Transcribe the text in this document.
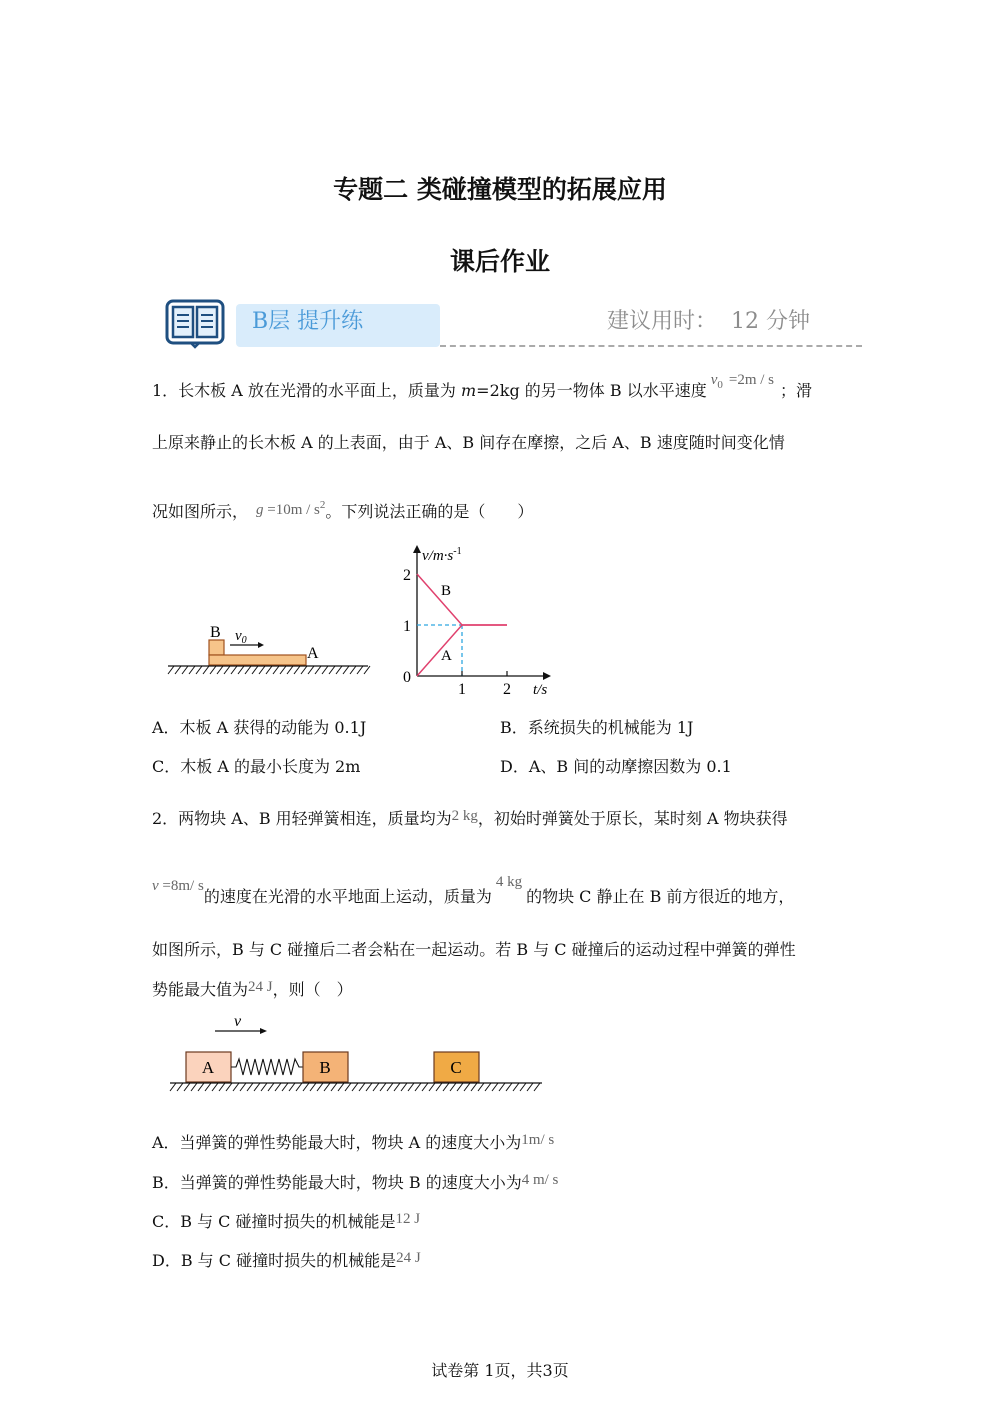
专题二 类碰撞模型的拓展应用
课后作业
B层 提升练	建议用时： 12 分钟
1．长木板 A 放在光滑的水平面上，质量为 m=2kg 的另一物体 B 以水平速度$v_0 =2m / s$；滑
上原来静止的长木板 A 的上表面，由于 A、B 间存在摩擦，之后 A、B 速度随时间变化情
况如图所示， $g =10m / s^2$。下列说法正确的是（　　）
B $v_0$
A
$v/m\cdot s^{-1}$
t/s
0
1
2
1 2
B
A
A．木板 A 获得的动能为 0.1J	B．系统损失的机械能为 1J
C．木板 A 的最小长度为 2m	D．A、B 间的动摩擦因数为 0.1
2．两物块 A、B 用轻弹簧相连，质量均为2 kg，初始时弹簧处于原长，某时刻 A 物块获得
v =8m/ s的速度在光滑的水平地面上运动，质量为4 kg的物块 C 静止在 B 前方很近的地方，
如图所示，B 与 C 碰撞后二者会粘在一起运动。若 B 与 C 碰撞后的运动过程中弹簧的弹性
势能最大值为24 J，则（　）
v
A	B	C
A．当弹簧的弹性势能最大时，物块 A 的速度大小为1m/ s
B．当弹簧的弹性势能最大时，物块 B 的速度大小为4 m/ s
C．B 与 C 碰撞时损失的机械能是12 J
D．B 与 C 碰撞时损失的机械能是24 J
试卷第 1页，共3页
